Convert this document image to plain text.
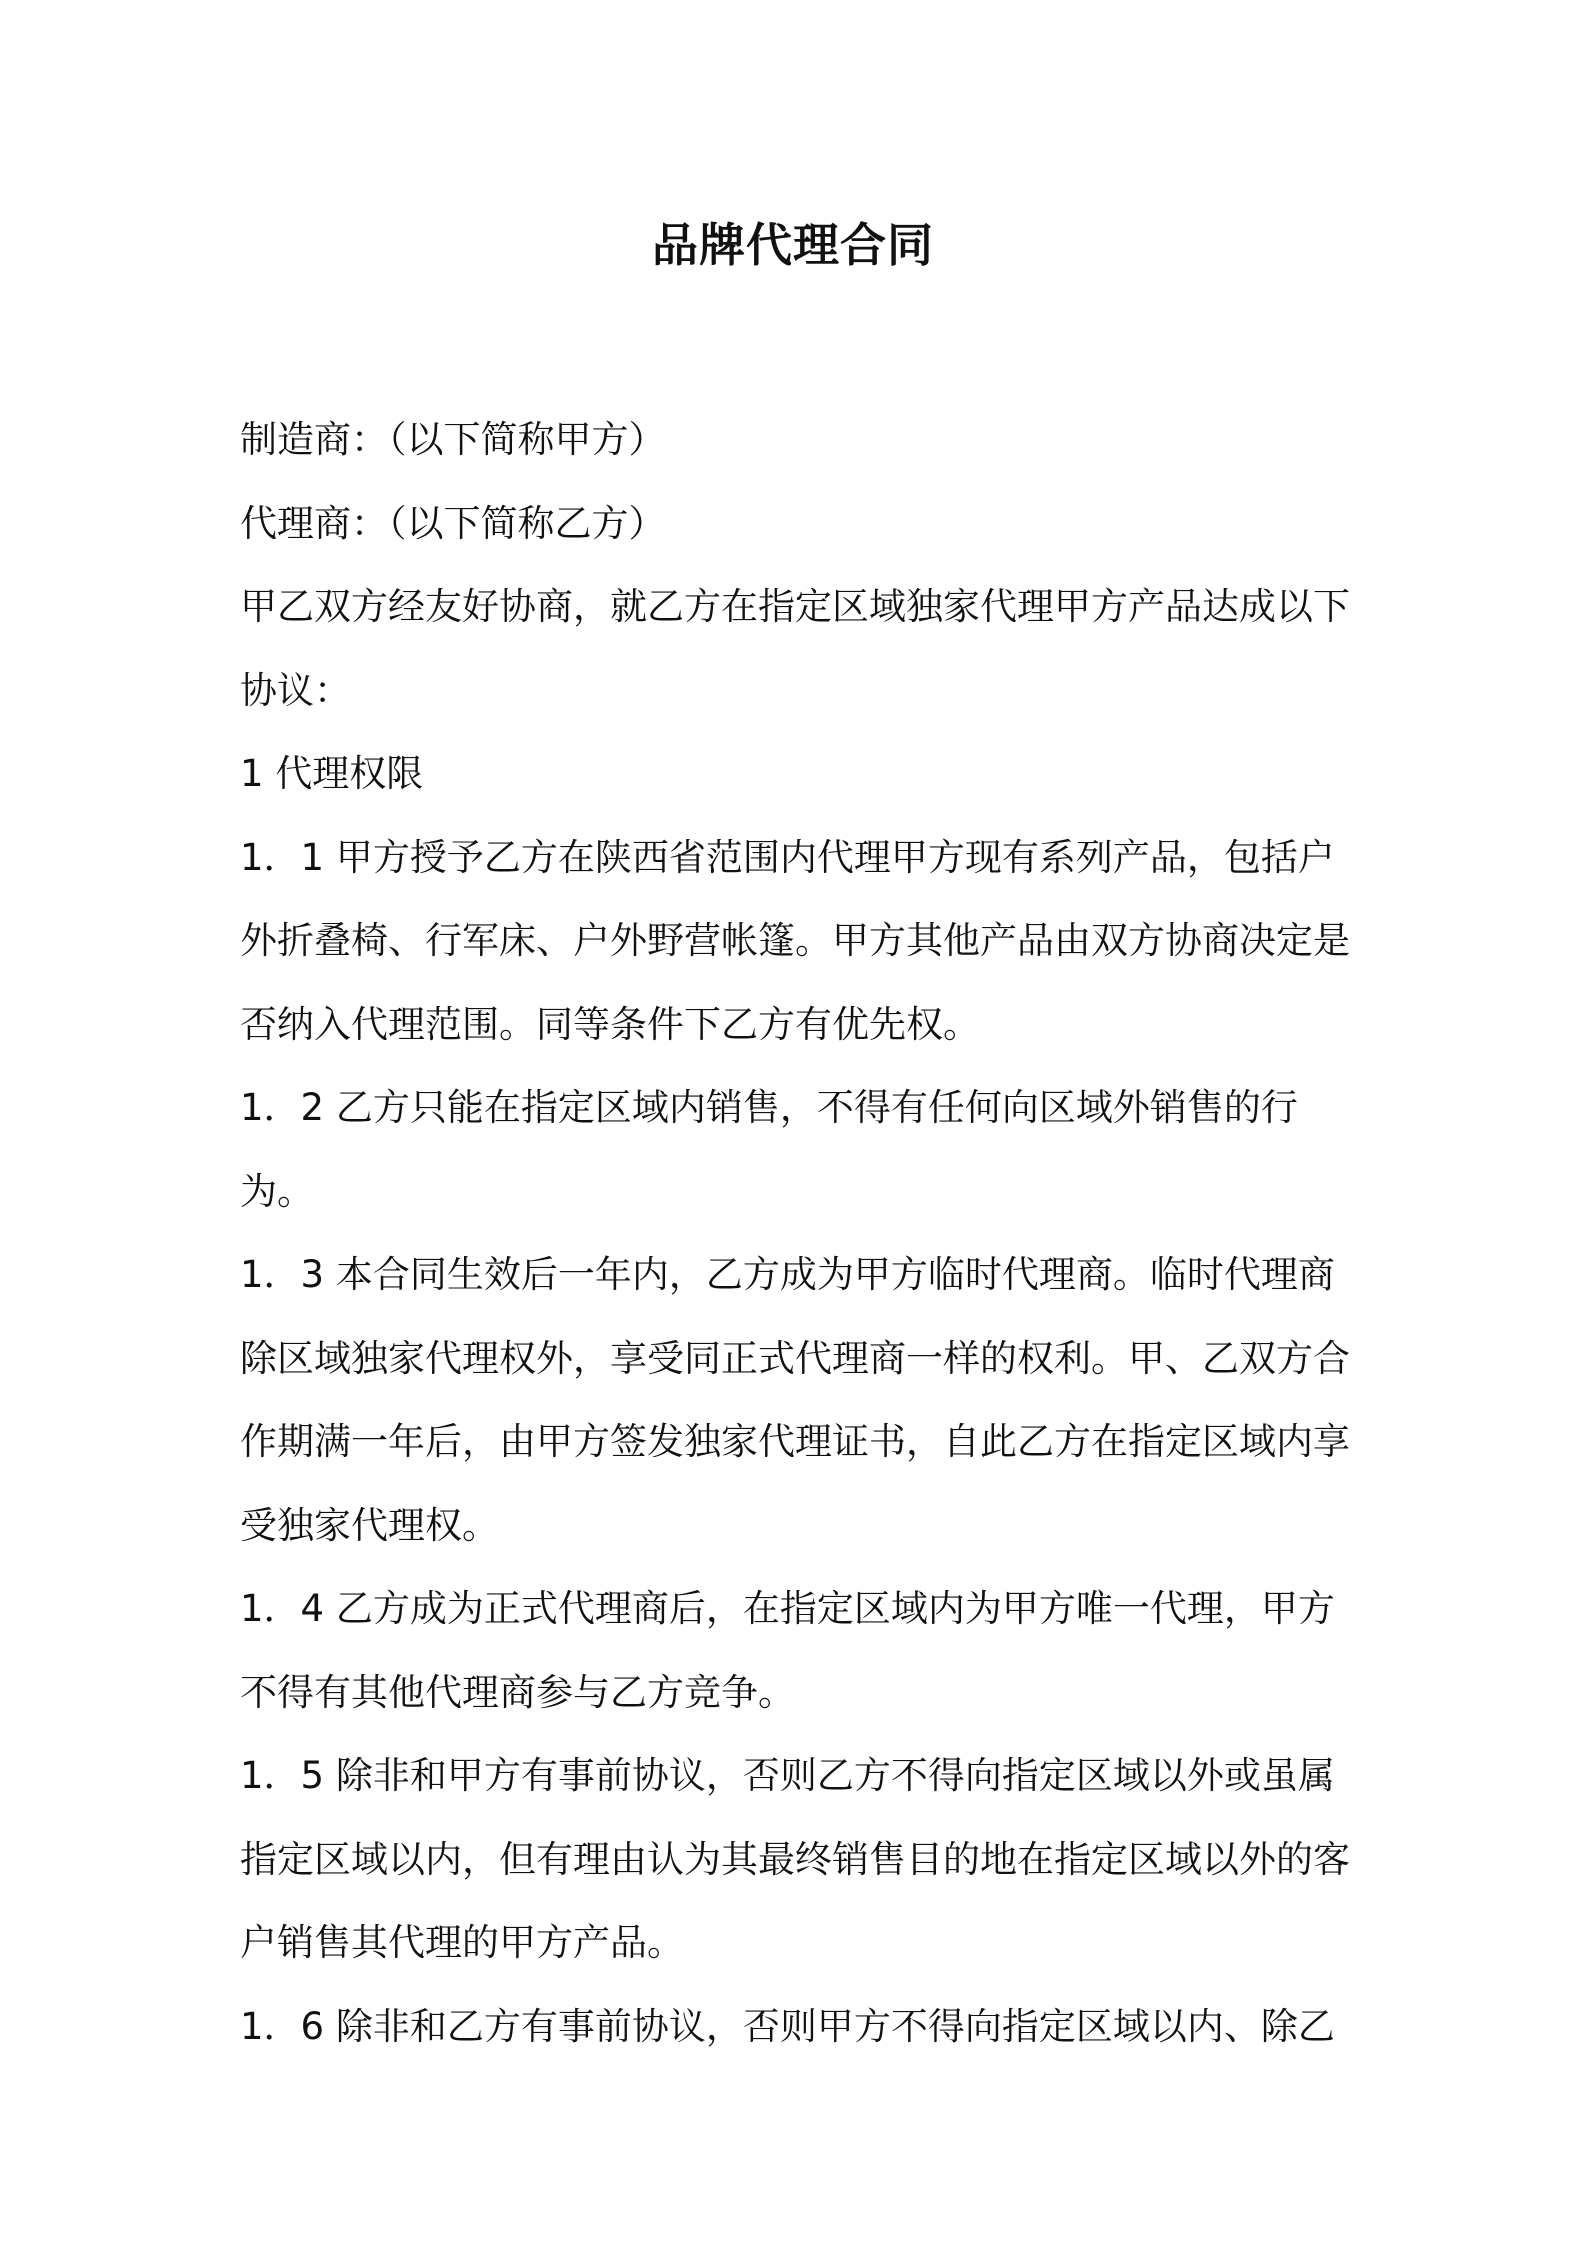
品牌代理合同

制造商：（以下简称甲方）

代理商：（以下简称乙方）

甲乙双方经友好协商，就乙方在指定区域独家代理甲方产品达成以下协议：

1 代理权限

1．1 甲方授予乙方在陕西省范围内代理甲方现有系列产品，包括户外折叠椅、行军床、户外野营帐篷。甲方其他产品由双方协商决定是否纳入代理范围。同等条件下乙方有优先权。

1．2 乙方只能在指定区域内销售，不得有任何向区域外销售的行为。

1．3 本合同生效后一年内，乙方成为甲方临时代理商。临时代理商除区域独家代理权外，享受同正式代理商一样的权利。甲、乙双方合作期满一年后，由甲方签发独家代理证书，自此乙方在指定区域内享受独家代理权。

1．4 乙方成为正式代理商后，在指定区域内为甲方唯一代理，甲方不得有其他代理商参与乙方竞争。

1．5 除非和甲方有事前协议，否则乙方不得向指定区域以外或虽属指定区域以内，但有理由认为其最终销售目的地在指定区域以外的客户销售其代理的甲方产品。

1．6 除非和乙方有事前协议，否则甲方不得向指定区域以内、除乙
